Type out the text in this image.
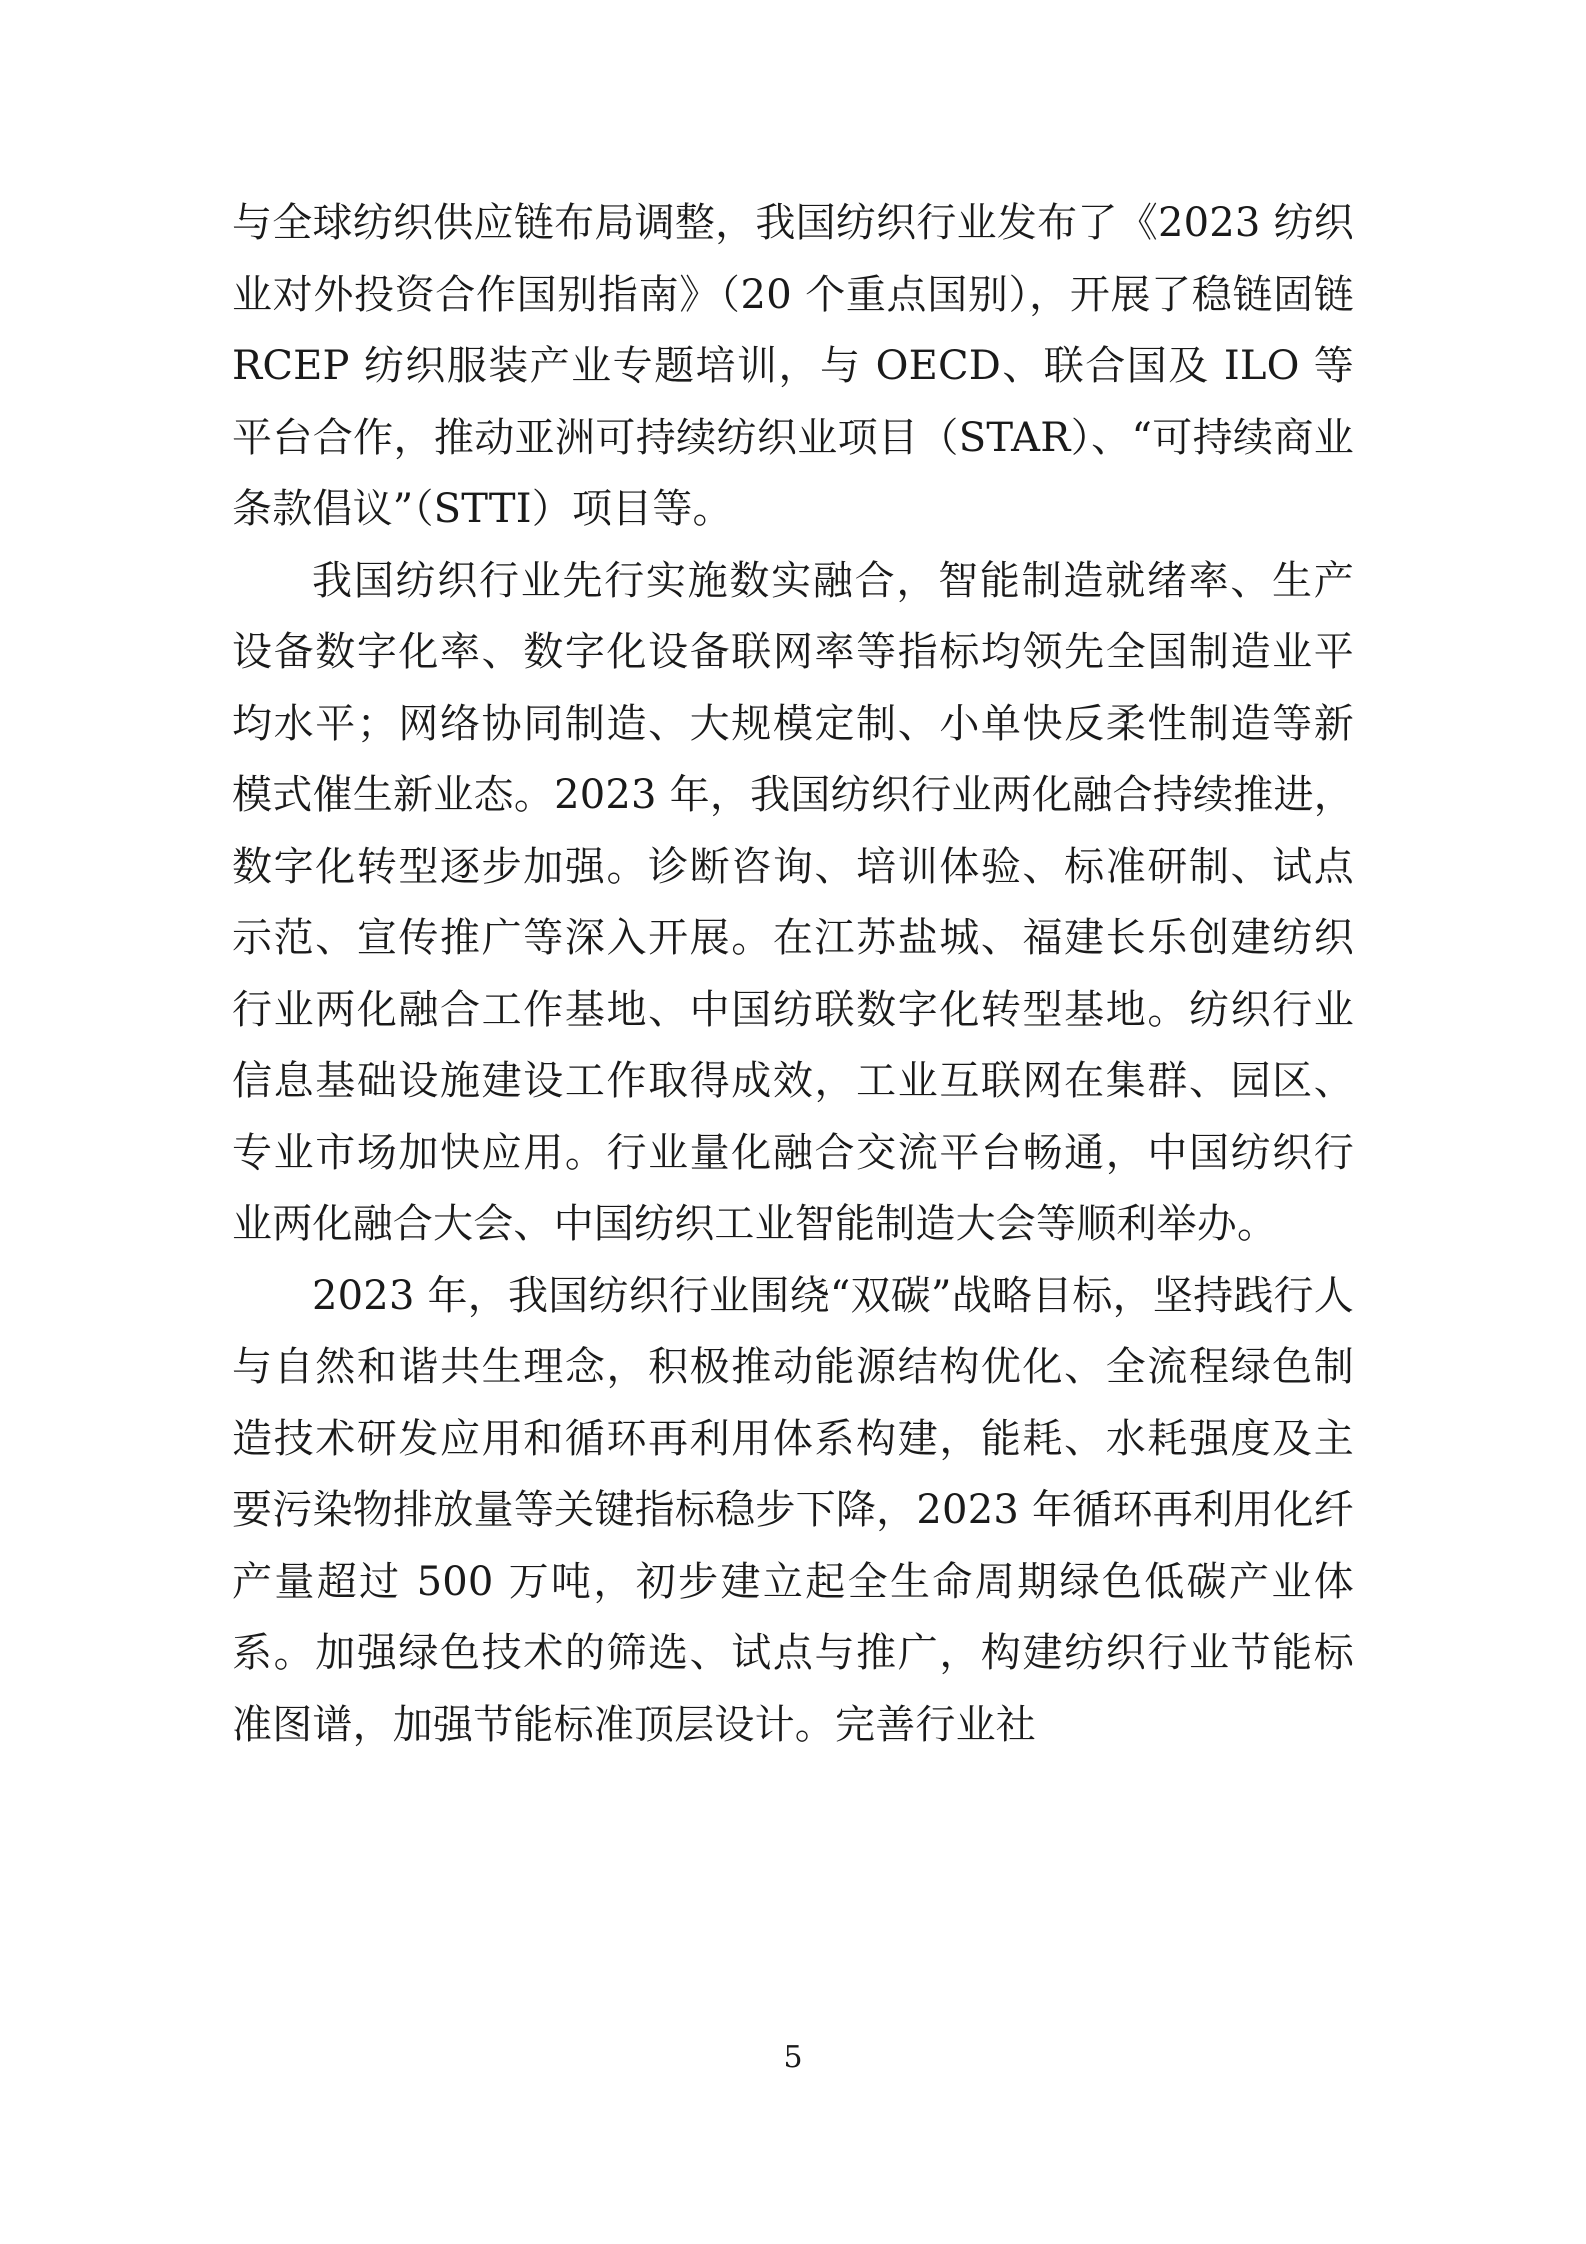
与全球纺织供应链布局调整，我国纺织行业发布了《2023 纺织业对外投资合作国别指南》（20 个重点国别），开展了稳链固链 RCEP 纺织服装产业专题培训，与 OECD、联合国及 ILO 等平台合作，推动亚洲可持续纺织业项目（STAR）、“可持续商业条款倡议”（STTI）项目等。

我国纺织行业先行实施数实融合，智能制造就绪率、生产设备数字化率、数字化设备联网率等指标均领先全国制造业平均水平；网络协同制造、大规模定制、小单快反柔性制造等新模式催生新业态。2023 年，我国纺织行业两化融合持续推进，数字化转型逐步加强。诊断咨询、培训体验、标准研制、试点示范、宣传推广等深入开展。在江苏盐城、福建长乐创建纺织行业两化融合工作基地、中国纺联数字化转型基地。纺织行业信息基础设施建设工作取得成效，工业互联网在集群、园区、专业市场加快应用。行业量化融合交流平台畅通，中国纺织行业两化融合大会、中国纺织工业智能制造大会等顺利举办。

2023 年，我国纺织行业围绕“双碳”战略目标，坚持践行人与自然和谐共生理念，积极推动能源结构优化、全流程绿色制造技术研发应用和循环再利用体系构建，能耗、水耗强度及主要污染物排放量等关键指标稳步下降，2023 年循环再利用化纤产量超过 500 万吨，初步建立起全生命周期绿色低碳产业体系。加强绿色技术的筛选、试点与推广，构建纺织行业节能标准图谱，加强节能标准顶层设计。完善行业社

5
